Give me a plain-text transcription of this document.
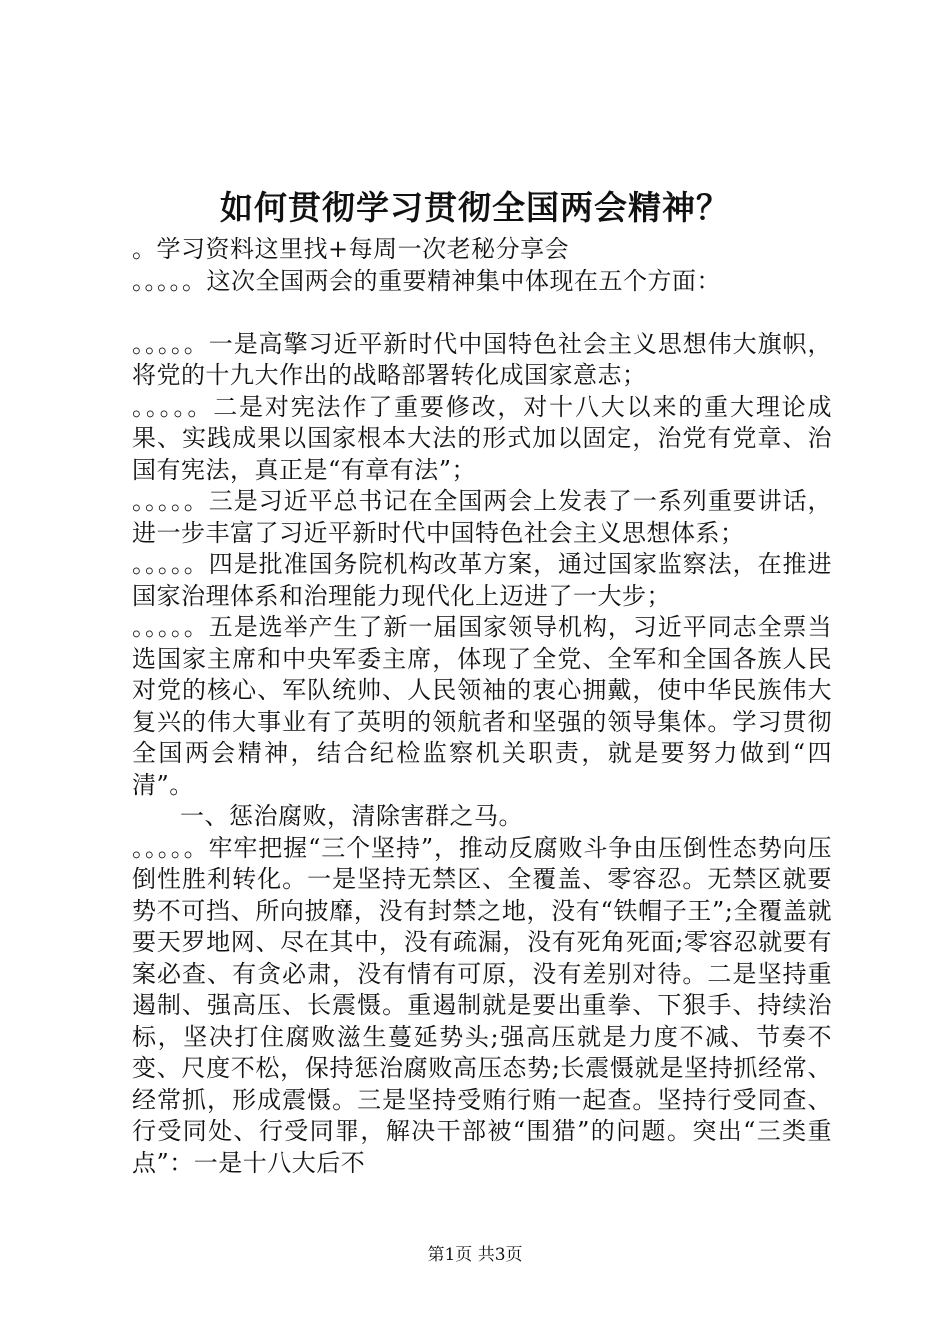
如何贯彻学习贯彻全国两会精神？

。学习资料这里找+每周一次老秘分享会

。。。。。这次全国两会的重要精神集中体现在五个方面：

。。。。。一是高擎习近平新时代中国特色社会主义思想伟大旗帜，将党的十九大作出的战略部署转化成国家意志；

。。。。。二是对宪法作了重要修改，对十八大以来的重大理论成果、实践成果以国家根本大法的形式加以固定，治党有党章、治国有宪法，真正是“有章有法”；

。。。。。三是习近平总书记在全国两会上发表了一系列重要讲话，进一步丰富了习近平新时代中国特色社会主义思想体系；

。。。。。四是批准国务院机构改革方案，通过国家监察法，在推进国家治理体系和治理能力现代化上迈进了一大步；

。。。。。五是选举产生了新一届国家领导机构，习近平同志全票当选国家主席和中央军委主席，体现了全党、全军和全国各族人民对党的核心、军队统帅、人民领袖的衷心拥戴，使中华民族伟大复兴的伟大事业有了英明的领航者和坚强的领导集体。学习贯彻全国两会精神，结合纪检监察机关职责，就是要努力做到“四清”。

一、惩治腐败，清除害群之马。

。。。。。牢牢把握“三个坚持”，推动反腐败斗争由压倒性态势向压倒性胜利转化。一是坚持无禁区、全覆盖、零容忍。无禁区就要势不可挡、所向披靡，没有封禁之地，没有“铁帽子王”;全覆盖就要天罗地网、尽在其中，没有疏漏，没有死角死面;零容忍就要有案必查、有贪必肃，没有情有可原，没有差别对待。二是坚持重遏制、强高压、长震慑。重遏制就是要出重拳、下狠手、持续治标，坚决打住腐败滋生蔓延势头;强高压就是力度不减、节奏不变、尺度不松，保持惩治腐败高压态势;长震慑就是坚持抓经常、经常抓，形成震慑。三是坚持受贿行贿一起查。坚持行受同查、行受同处、行受同罪，解决干部被“围猎”的问题。突出“三类重点”：一是十八大后不

第1页 共3页
